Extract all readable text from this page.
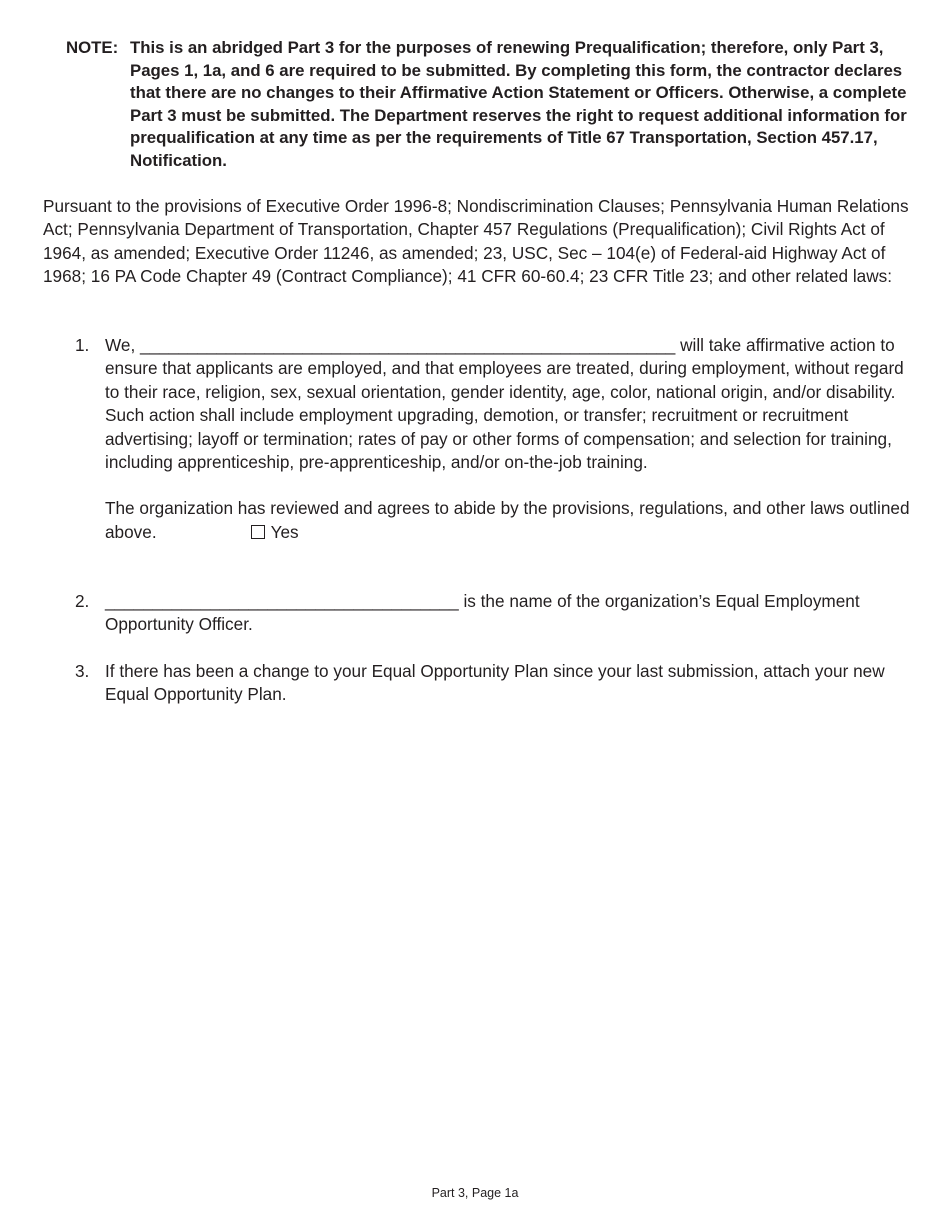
NOTE: This is an abridged Part 3 for the purposes of renewing Prequalification; therefore, only Part 3, Pages 1, 1a, and 6 are required to be submitted. By completing this form, the contractor declares that there are no changes to their Affirmative Action Statement or Officers. Otherwise, a complete Part 3 must be submitted. The Department reserves the right to request additional information for prequalification at any time as per the requirements of Title 67 Transportation, Section 457.17, Notification.
Pursuant to the provisions of Executive Order 1996-8; Nondiscrimination Clauses; Pennsylvania Human Relations Act; Pennsylvania Department of Transportation, Chapter 457 Regulations (Prequalification); Civil Rights Act of 1964, as amended; Executive Order 11246, as amended; 23, USC, Sec – 104(e) of Federal-aid Highway Act of 1968; 16 PA Code Chapter 49 (Contract Compliance); 41 CFR 60-60.4; 23 CFR Title 23; and other related laws:
1. We, ________________________________________________________ will take affirmative action to ensure that applicants are employed, and that employees are treated, during employment, without regard to their race, religion, sex, sexual orientation, gender identity, age, color, national origin, and/or disability. Such action shall include employment upgrading, demotion, or transfer; recruitment or recruitment advertising; layoff or termination; rates of pay or other forms of compensation; and selection for training, including apprenticeship, pre-apprenticeship, and/or on-the-job training.
The organization has reviewed and agrees to abide by the provisions, regulations, and other laws outlined above.	Yes
2. _____________________________________ is the name of the organization’s Equal Employment Opportunity Officer.
3. If there has been a change to your Equal Opportunity Plan since your last submission, attach your new Equal Opportunity Plan.
Part 3, Page 1a
